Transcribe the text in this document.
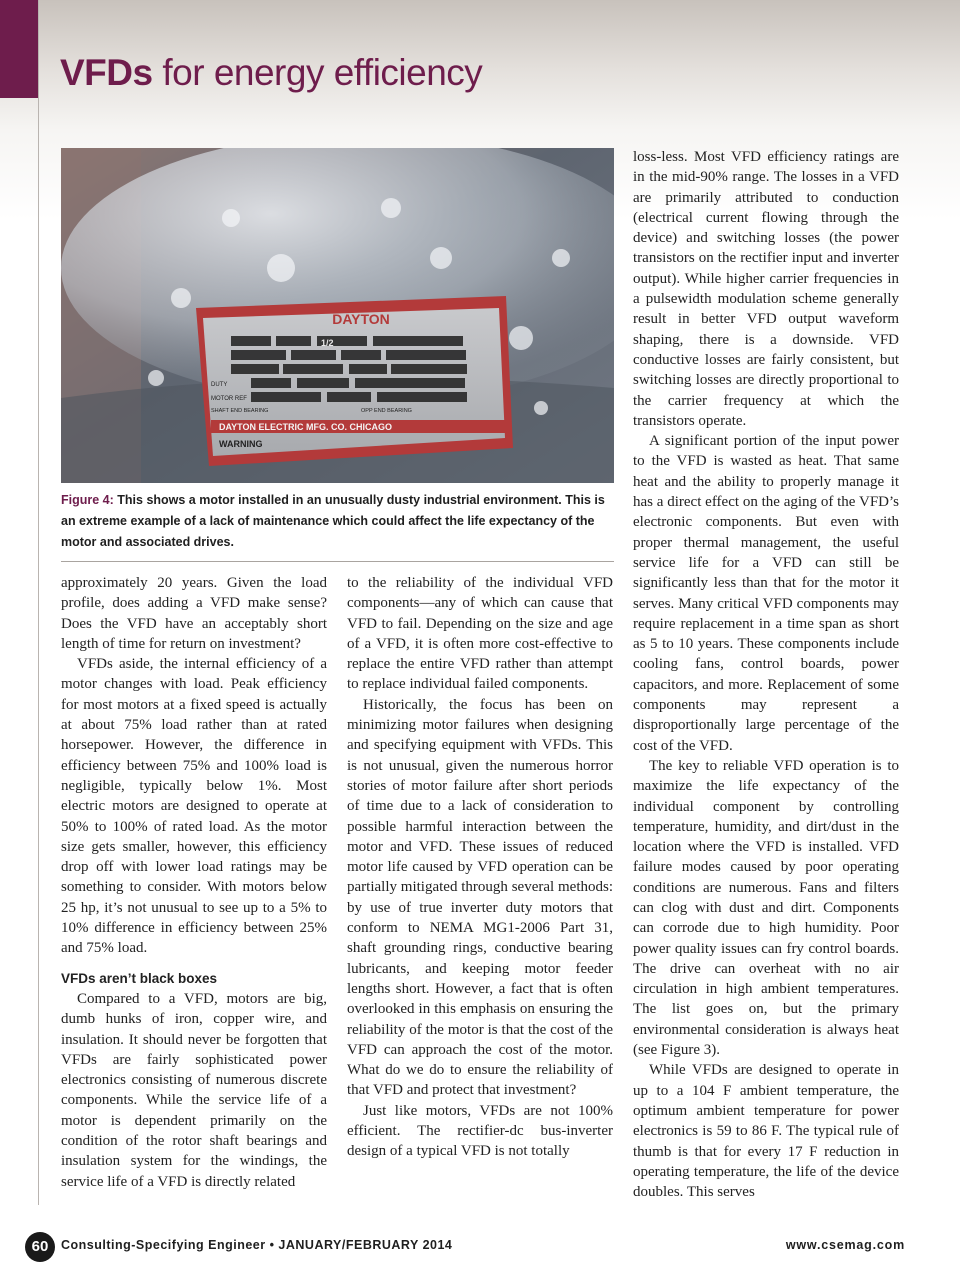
VFDs for energy efficiency
DAYTON
1/2
DUTY
MOTOR REF
SHAFT END BEARING	OPP END BEARING
DAYTON ELECTRIC MFG. CO. CHICAGO
WARNING
Figure 4: This shows a motor installed in an unusually dusty industrial environment. This is an extreme example of a lack of maintenance which could affect the life expectancy of the motor and associated drives.

approximately 20 years. Given the load profile, does adding a VFD make sense? Does the VFD have an acceptably short length of time for return on investment?

VFDs aside, the internal efficiency of a motor changes with load. Peak efficiency for most motors at a fixed speed is actually at about 75% load rather than at rated horsepower. However, the difference in efficiency between 75% and 100% load is negligible, typically below 1%. Most electric motors are designed to operate at 50% to 100% of rated load. As the motor size gets smaller, however, this efficiency drop off with lower load ratings may be something to consider. With motors below 25 hp, it’s not unusual to see up to a 5% to 10% difference in efficiency between 25% and 75% load.

VFDs aren’t black boxes

Compared to a VFD, motors are big, dumb hunks of iron, copper wire, and insulation. It should never be forgotten that VFDs are fairly sophisticated power electronics consisting of numerous discrete components. While the service life of a motor is dependent primarily on the condition of the rotor shaft bearings and insulation system for the windings, the service life of a VFD is directly related

to the reliability of the individual VFD components—any of which can cause that VFD to fail. Depending on the size and age of a VFD, it is often more cost-effective to replace the entire VFD rather than attempt to replace individual failed components.

Historically, the focus has been on minimizing motor failures when designing and specifying equipment with VFDs. This is not unusual, given the numerous horror stories of motor failure after short periods of time due to a lack of consideration to possible harmful interaction between the motor and VFD. These issues of reduced motor life caused by VFD operation can be partially mitigated through several methods: by use of true inverter duty motors that conform to NEMA MG1-2006 Part 31, shaft grounding rings, conductive bearing lubricants, and keeping motor feeder lengths short. However, a fact that is often overlooked in this emphasis on ensuring the reliability of the motor is that the cost of the VFD can approach the cost of the motor. What do we do to ensure the reliability of that VFD and protect that investment?

Just like motors, VFDs are not 100% efficient. The rectifier-dc bus-inverter design of a typical VFD is not totally

loss-less. Most VFD efficiency ratings are in the mid-90% range. The losses in a VFD are primarily attributed to conduction (electrical current flowing through the device) and switching losses (the power transistors on the rectifier input and inverter output). While higher carrier frequencies in a pulsewidth modulation scheme generally result in better VFD output waveform shaping, there is a downside. VFD conductive losses are fairly consistent, but switching losses are directly proportional to the carrier frequency at which the transistors operate.

A significant portion of the input power to the VFD is wasted as heat. That same heat and the ability to properly manage it has a direct effect on the aging of the VFD’s electronic components. But even with proper thermal management, the useful service life for a VFD can still be significantly less than that for the motor it serves. Many critical VFD components may require replacement in a time span as short as 5 to 10 years. These components include cooling fans, control boards, power capacitors, and more. Replacement of some components may represent a disproportionally large percentage of the cost of the VFD.

The key to reliable VFD operation is to maximize the life expectancy of the individual component by controlling temperature, humidity, and dirt/dust in the location where the VFD is installed. VFD failure modes caused by poor operating conditions are numerous. Fans and filters can clog with dust and dirt. Components can corrode due to high humidity. Poor power quality issues can fry control boards. The drive can overheat with no air circulation in high ambient temperatures. The list goes on, but the primary environmental consideration is always heat (see Figure 3).

While VFDs are designed to operate in up to a 104 F ambient temperature, the optimum ambient temperature for power electronics is 59 to 86 F. The typical rule of thumb is that for every 17 F reduction in operating temperature, the life of the device doubles. This serves

60	Consulting-Specifying Engineer • JANUARY/FEBRUARY 2014	www.csemag.com
